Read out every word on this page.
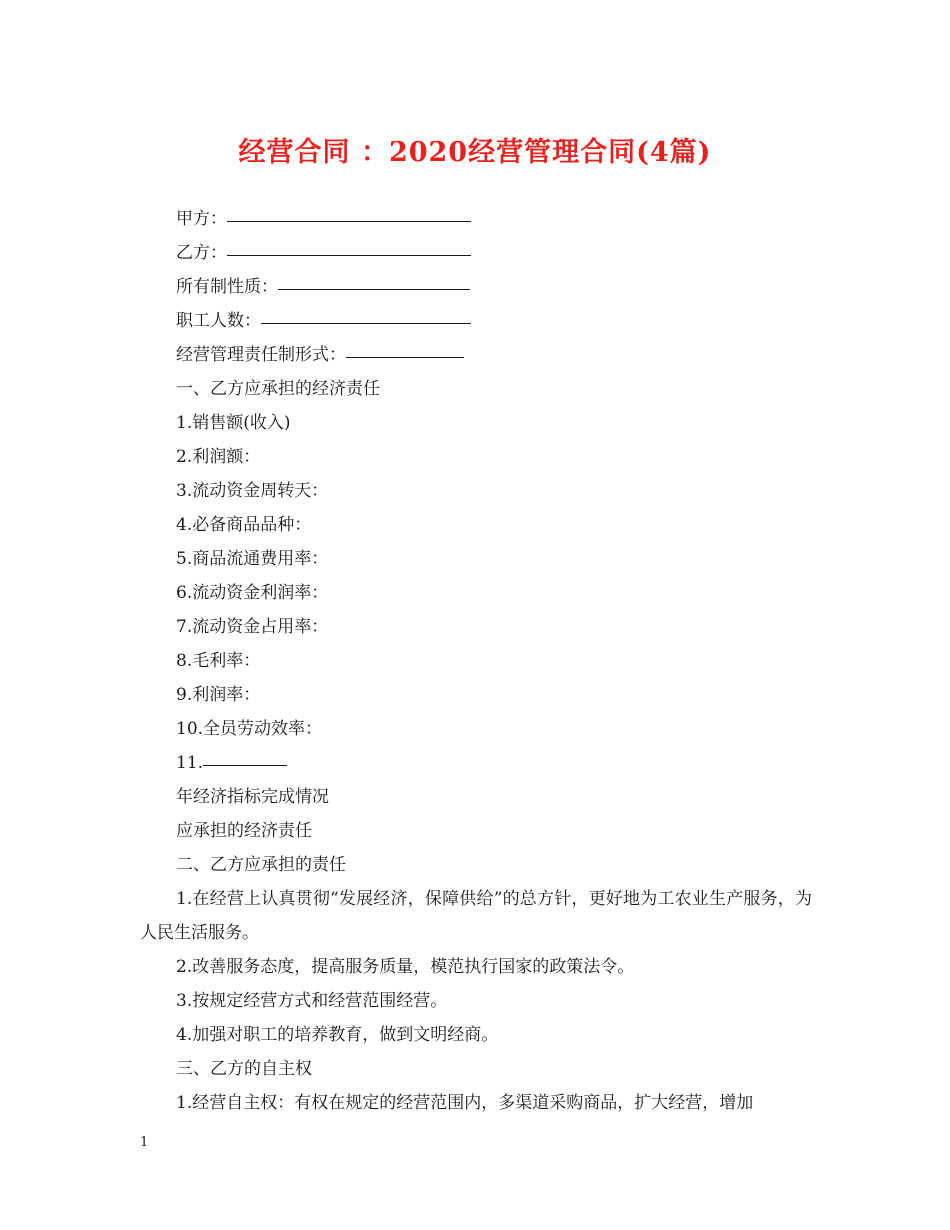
经营合同 ：2020经营管理合同(4篇)

甲方：

乙方：

所有制性质：

职工人数：

经营管理责任制形式：

一、乙方应承担的经济责任

1.销售额(收入)

2.利润额：

3.流动资金周转天：

4.必备商品品种：

5.商品流通费用率：

6.流动资金利润率：

7.流动资金占用率：

8.毛利率：

9.利润率：

10.全员劳动效率：

11.

年经济指标完成情况

应承担的经济责任

二、乙方应承担的责任

1.在经营上认真贯彻“发展经济，保障供给”的总方针，更好地为工农业生产服务，为人民生活服务。

2.改善服务态度，提高服务质量，模范执行国家的政策法令。

3.按规定经营方式和经营范围经营。

4.加强对职工的培养教育，做到文明经商。

三、乙方的自主权

1.经营自主权：有权在规定的经营范围内，多渠道采购商品，扩大经营，增加

1
